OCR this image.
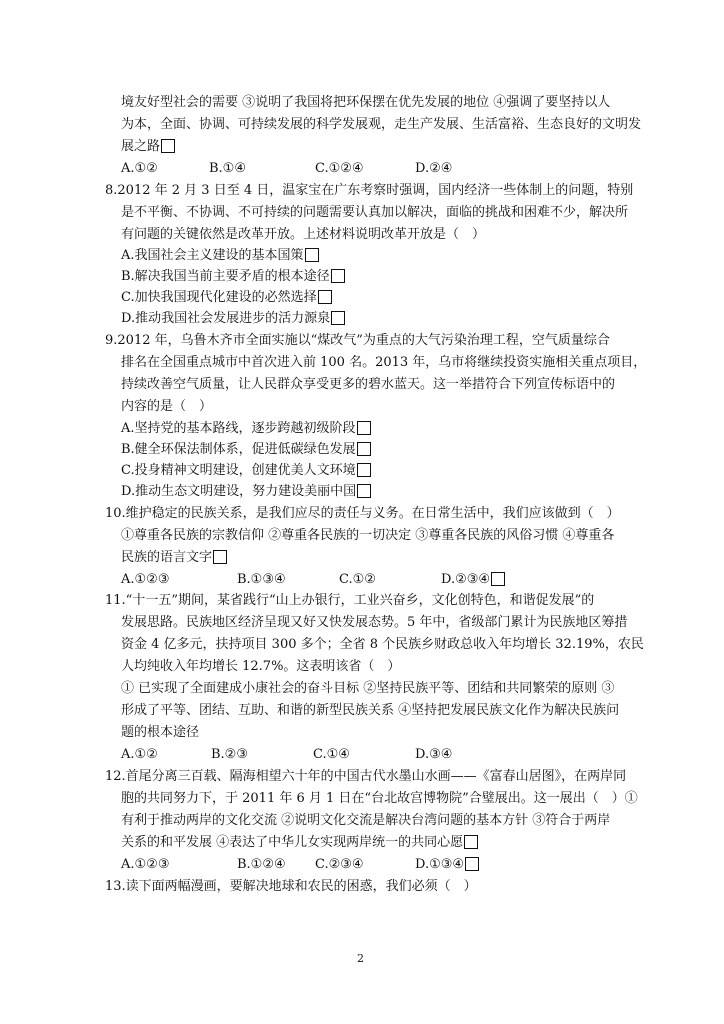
境友好型社会的需要 ③说明了我国将把环保摆在优先发展的地位 ④强调了要坚持以人
为本，全面、协调、可持续发展的科学发展观，走生产发展、生活富裕、生态良好的文明发
展之路
A.①②	B.①④	C.①②④	D.②④
8.2012 年 2 月 3 日至 4 日，温家宝在广东考察时强调，国内经济一些体制上的问题，特别
是不平衡、不协调、不可持续的问题需要认真加以解决，面临的挑战和困难不少，解决所
有问题的关键依然是改革开放。上述材料说明改革开放是（　）
A.我国社会主义建设的基本国策
B.解决我国当前主要矛盾的根本途径
C.加快我国现代化建设的必然选择
D.推动我国社会发展进步的活力源泉
9.2012 年，乌鲁木齐市全面实施以“煤改气”为重点的大气污染治理工程，空气质量综合
排名在全国重点城市中首次进入前 100 名。2013 年，乌市将继续投资实施相关重点项目，
持续改善空气质量，让人民群众享受更多的碧水蓝天。这一举措符合下列宣传标语中的
内容的是（　）
A.坚持党的基本路线，逐步跨越初级阶段
B.健全环保法制体系，促进低碳绿色发展
C.投身精神文明建设，创建优美人文环境
D.推动生态文明建设，努力建设美丽中国
10.维护稳定的民族关系，是我们应尽的责任与义务。在日常生活中，我们应该做到（　）
①尊重各民族的宗教信仰 ②尊重各民族的一切决定 ③尊重各民族的风俗习惯 ④尊重各
民族的语言文字
A.①②③	B.①③④	C.①②	D.②③④
11.“十一五”期间，某省践行“山上办银行，工业兴奋乡，文化创特色，和谐促发展”的
发展思路。民族地区经济呈现又好又快发展态势。5 年中，省级部门累计为民族地区筹措
资金 4 亿多元，扶持项目 300 多个；全省 8 个民族乡财政总收入年均增长 32.19%，农民
人均纯收入年均增长 12.7%。这表明该省（　）
① 已实现了全面建成小康社会的奋斗目标 ②坚持民族平等、团结和共同繁荣的原则 ③
形成了平等、团结、互助、和谐的新型民族关系 ④坚持把发展民族文化作为解决民族问
题的根本途径
A.①②	B.②③	C.①④	D.③④
12.首尾分离三百载、隔海相望六十年的中国古代水墨山水画——《富春山居图》，在两岸同
胞的共同努力下，于 2011 年 6 月 1 日在“台北故宫博物院”合璧展出。这一展出（　）①
有利于推动两岸的文化交流 ②说明文化交流是解决台湾问题的基本方针 ③符合于两岸
关系的和平发展 ④表达了中华儿女实现两岸统一的共同心愿
A.①②③	B.①②④ C.②③④	D.①③④
13.读下面两幅漫画，要解决地球和农民的困惑，我们必须（　）
2
